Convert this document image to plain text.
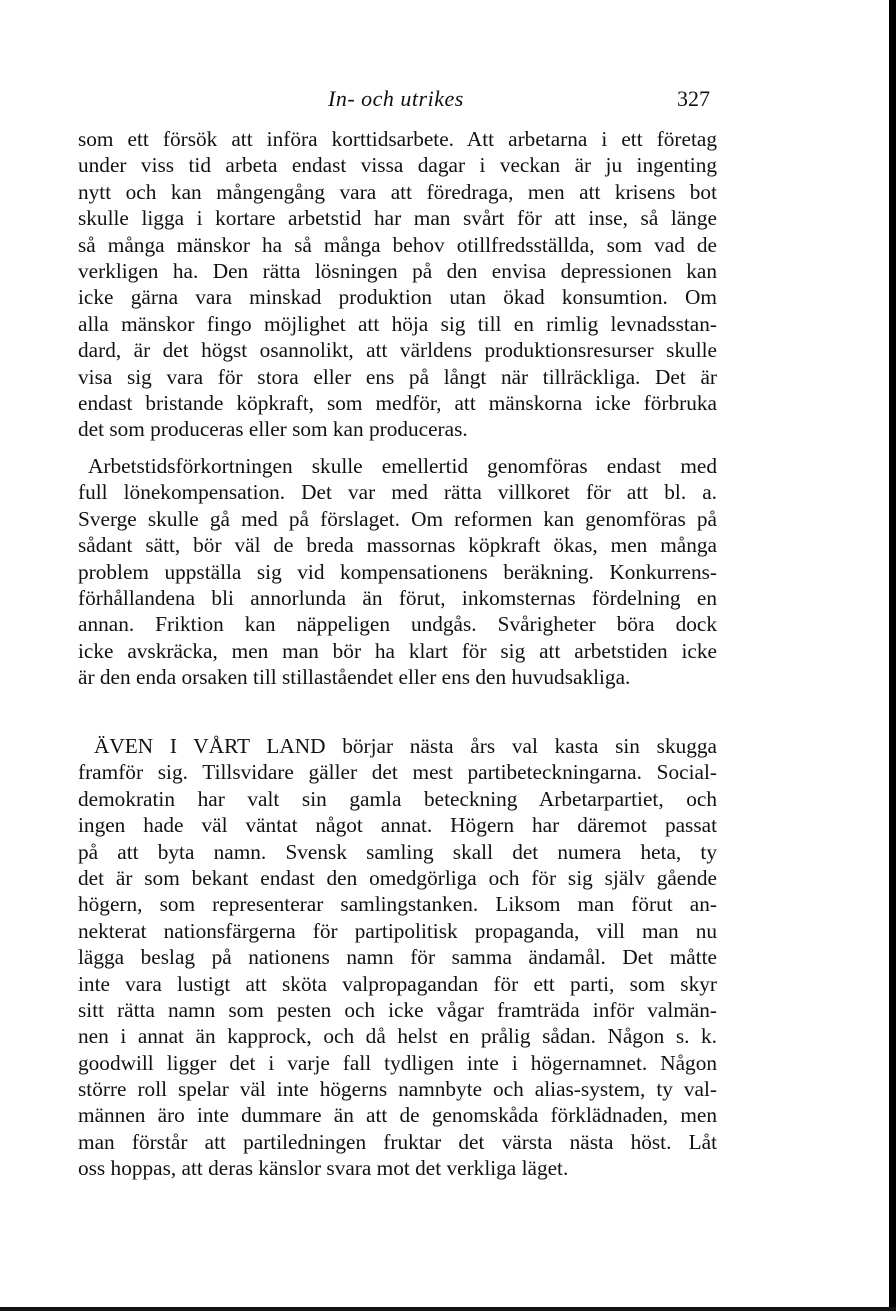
In- och utrikes	327
som ett försök att införa korttidsarbete. Att arbetarna i ett företag
under viss tid arbeta endast vissa dagar i veckan är ju ingenting
nytt och kan mångengång vara att föredraga, men att krisens bot
skulle ligga i kortare arbetstid har man svårt för att inse, så länge
så många mänskor ha så många behov otillfredsställda, som vad de
verkligen ha. Den rätta lösningen på den envisa depressionen kan
icke gärna vara minskad produktion utan ökad konsumtion. Om
alla mänskor fingo möjlighet att höja sig till en rimlig levnadsstan-
dard, är det högst osannolikt, att världens produktionsresurser skulle
visa sig vara för stora eller ens på långt när tillräckliga. Det är
endast bristande köpkraft, som medför, att mänskorna icke förbruka
det som produceras eller som kan produceras.
Arbetstidsförkortningen skulle emellertid genomföras endast med
full lönekompensation. Det var med rätta villkoret för att bl. a.
Sverge skulle gå med på förslaget. Om reformen kan genomföras på
sådant sätt, bör väl de breda massornas köpkraft ökas, men många
problem uppställa sig vid kompensationens beräkning. Konkurrens-
förhållandena bli annorlunda än förut, inkomsternas fördelning en
annan. Friktion kan näppeligen undgås. Svårigheter böra dock
icke avskräcka, men man bör ha klart för sig att arbetstiden icke
är den enda orsaken till stillaståendet eller ens den huvudsakliga.
ÄVEN I VÅRT LAND börjar nästa års val kasta sin skugga
framför sig. Tillsvidare gäller det mest partibeteckningarna. Social-
demokratin har valt sin gamla beteckning Arbetarpartiet, och
ingen hade väl väntat något annat. Högern har däremot passat
på att byta namn. Svensk samling skall det numera heta, ty
det är som bekant endast den omedgörliga och för sig själv gående
högern, som representerar samlingstanken. Liksom man förut an-
nekterat nationsfärgerna för partipolitisk propaganda, vill man nu
lägga beslag på nationens namn för samma ändamål. Det måtte
inte vara lustigt att sköta valpropagandan för ett parti, som skyr
sitt rätta namn som pesten och icke vågar framträda inför valmän-
nen i annat än kapprock, och då helst en prålig sådan. Någon s. k.
goodwill ligger det i varje fall tydligen inte i högernamnet. Någon
större roll spelar väl inte högerns namnbyte och alias-system, ty val-
männen äro inte dummare än att de genomskåda förklädnaden, men
man förstår att partiledningen fruktar det värsta nästa höst. Låt
oss hoppas, att deras känslor svara mot det verkliga läget.
